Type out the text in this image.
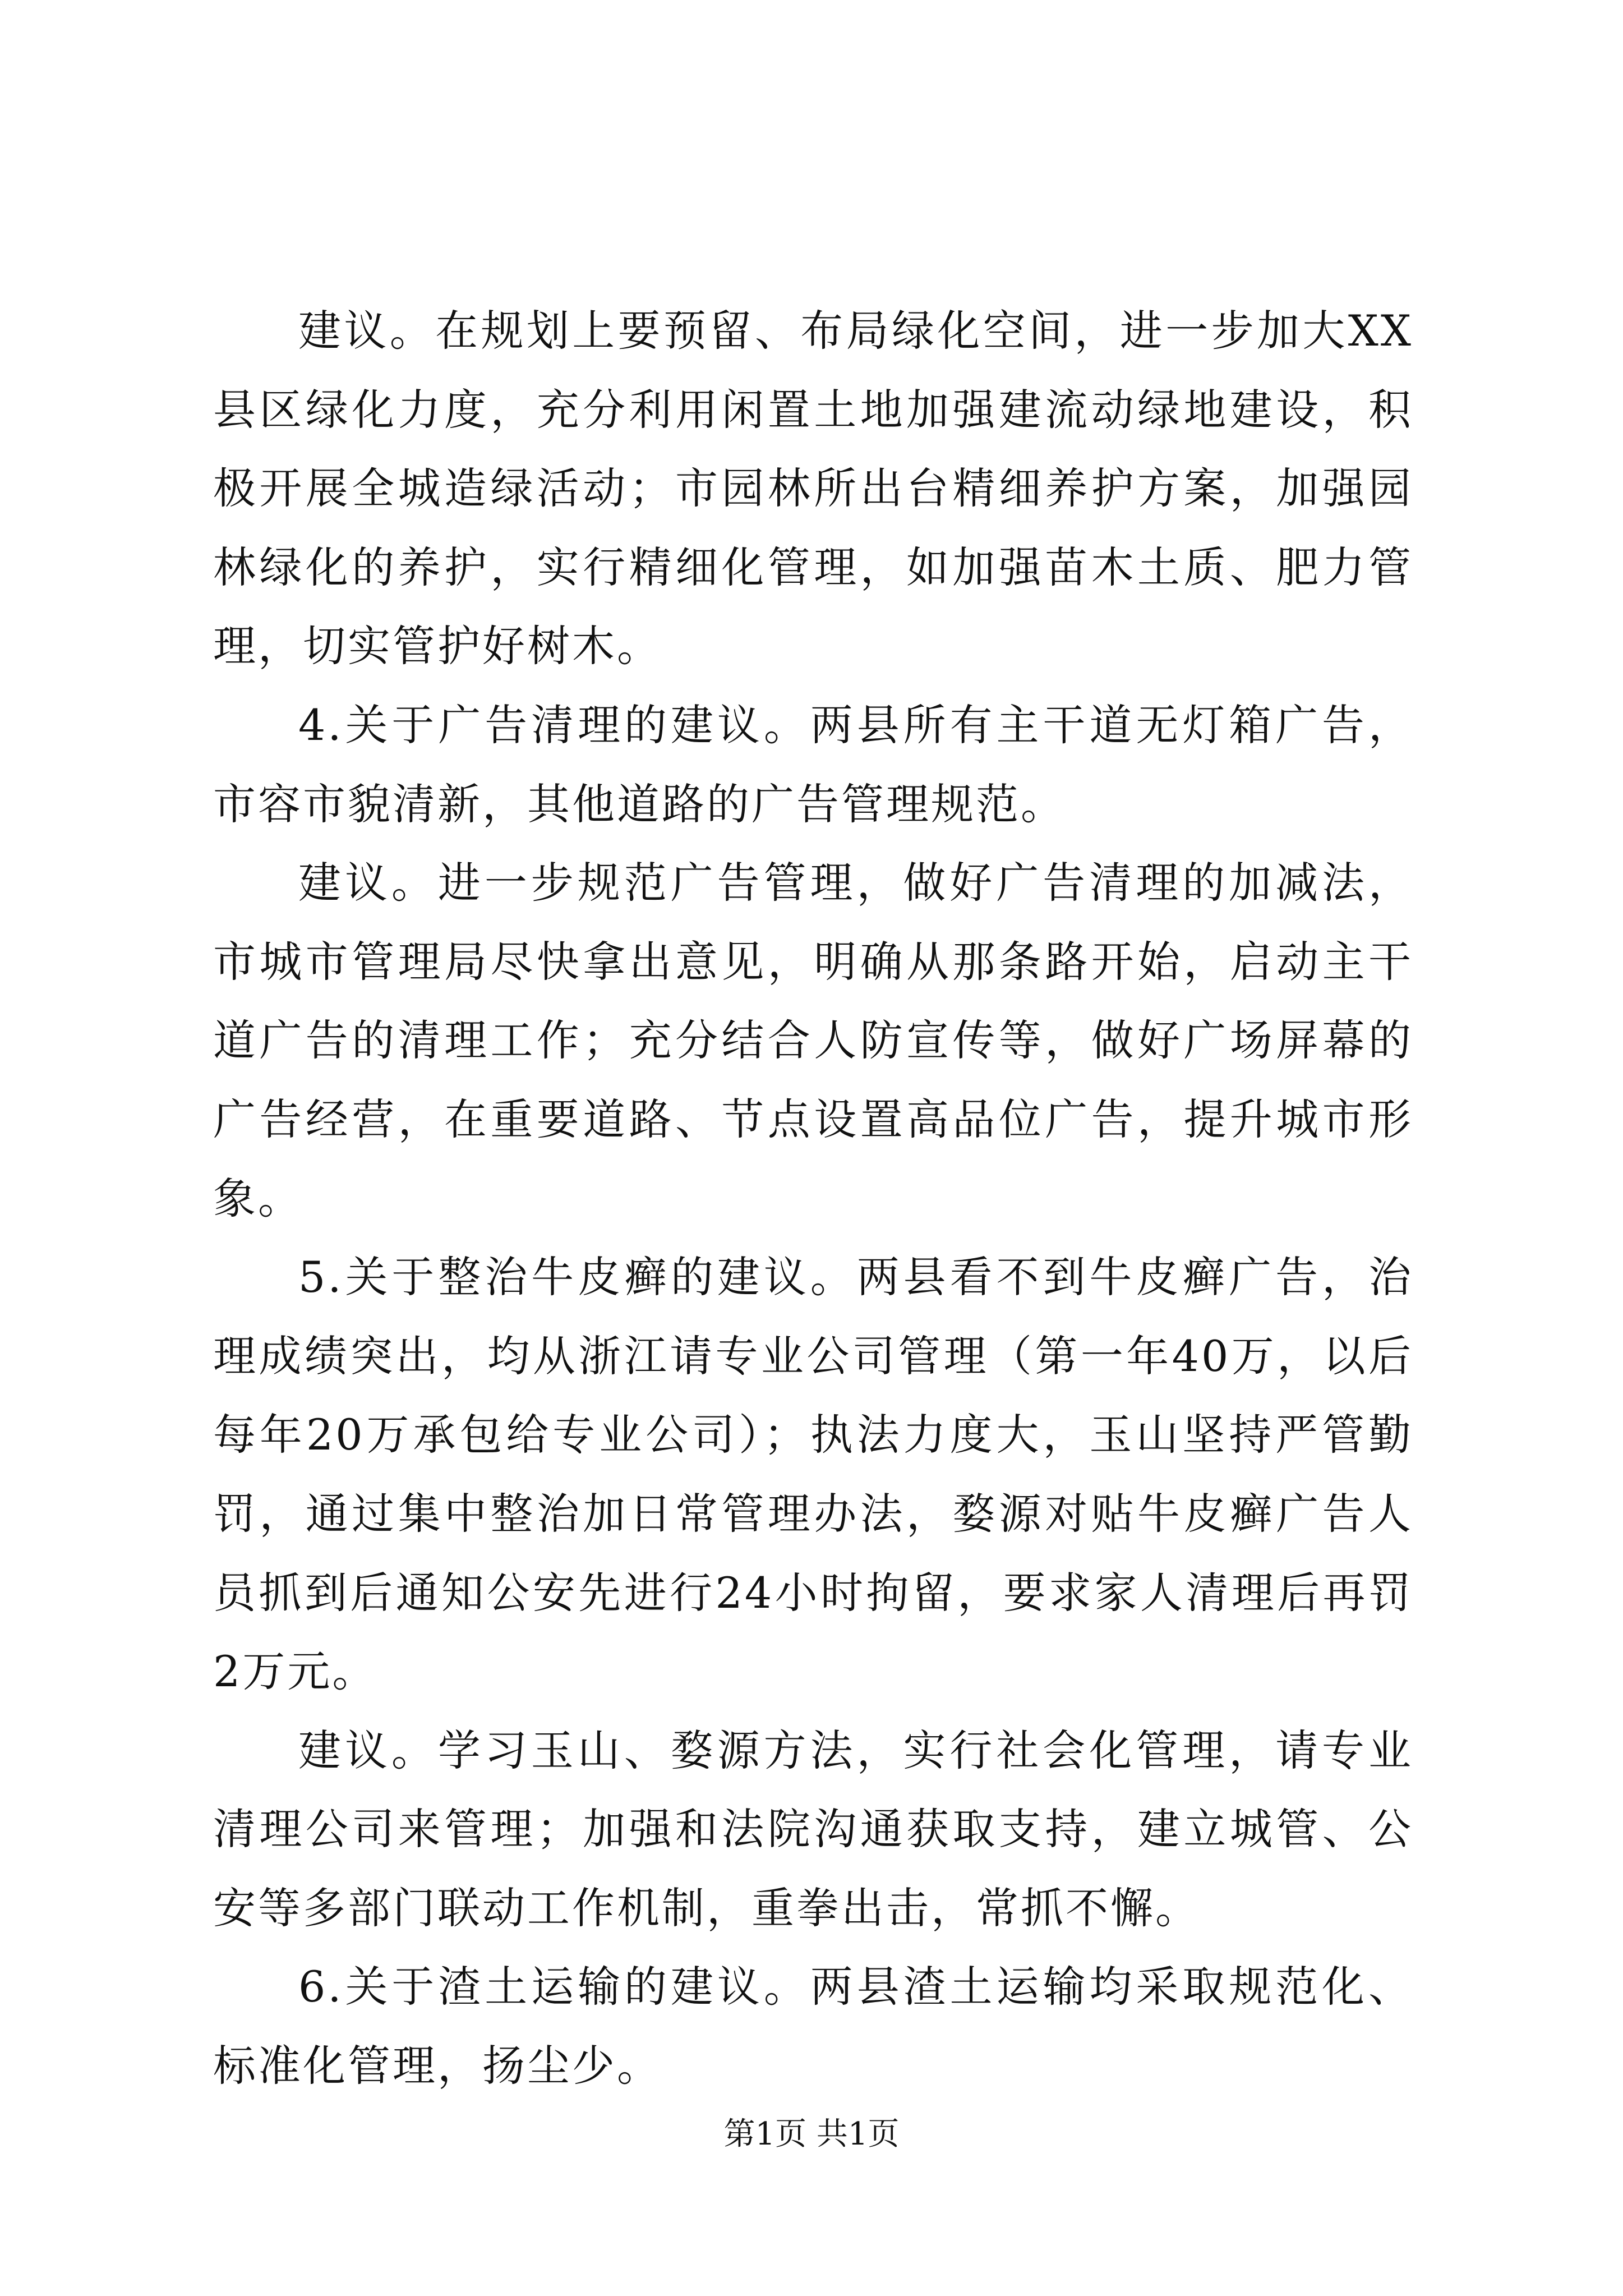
建议。在规划上要预留、布局绿化空间，进一步加大XX县区绿化力度，充分利用闲置土地加强建流动绿地建设，积极开展全城造绿活动；市园林所出台精细养护方案，加强园林绿化的养护，实行精细化管理，如加强苗木土质、肥力管理，切实管护好树木。

4.关于广告清理的建议。两县所有主干道无灯箱广告，市容市貌清新，其他道路的广告管理规范。

建议。进一步规范广告管理，做好广告清理的加减法，市城市管理局尽快拿出意见，明确从那条路开始，启动主干道广告的清理工作；充分结合人防宣传等，做好广场屏幕的广告经营，在重要道路、节点设置高品位广告，提升城市形象。

5.关于整治牛皮癣的建议。两县看不到牛皮癣广告，治理成绩突出，均从浙江请专业公司管理（第一年40万，以后每年20万承包给专业公司）；执法力度大，玉山坚持严管勤罚，通过集中整治加日常管理办法，婺源对贴牛皮癣广告人员抓到后通知公安先进行24小时拘留，要求家人清理后再罚2万元。

建议。学习玉山、婺源方法，实行社会化管理，请专业清理公司来管理；加强和法院沟通获取支持，建立城管、公安等多部门联动工作机制，重拳出击，常抓不懈。

6.关于渣土运输的建议。两县渣土运输均采取规范化、标准化管理，扬尘少。

第1页 共1页
